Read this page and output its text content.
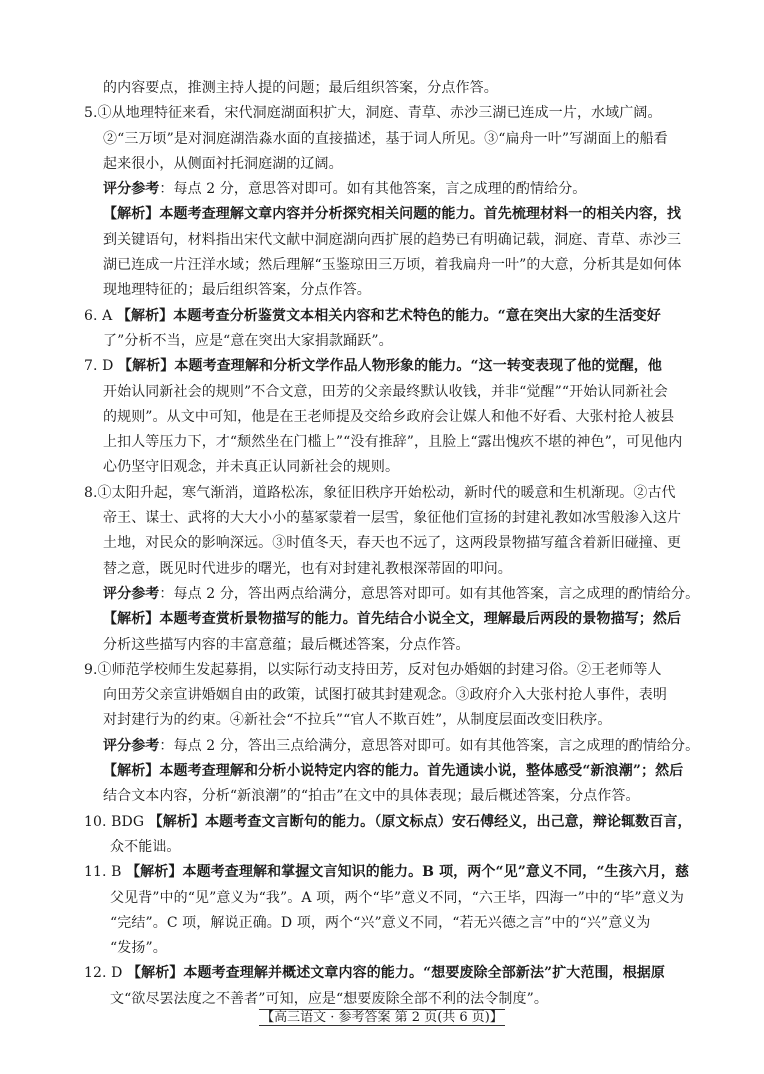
的内容要点，推测主持人提的问题；最后组织答案，分点作答。

5.①从地理特征来看，宋代洞庭湖面积扩大，洞庭、青草、赤沙三湖已连成一片，水域广阔。
②“三万顷”是对洞庭湖浩淼水面的直接描述，基于词人所见。③“扁舟一叶”写湖面上的船看
起来很小，从侧面衬托洞庭湖的辽阔。
评分参考：每点 2 分，意思答对即可。如有其他答案，言之成理的酌情给分。
【解析】本题考查理解文章内容并分析探究相关问题的能力。首先梳理材料一的相关内容，找
到关键语句，材料指出宋代文献中洞庭湖向西扩展的趋势已有明确记载，洞庭、青草、赤沙三
湖已连成一片汪洋水域；然后理解“玉鉴琼田三万顷，着我扁舟一叶”的大意，分析其是如何体
现地理特征的；最后组织答案，分点作答。
6. A 【解析】本题考查分析鉴赏文本相关内容和艺术特色的能力。“意在突出大家的生活变好
了”分析不当，应是“意在突出大家捐款踊跃”。
7. D 【解析】本题考查理解和分析文学作品人物形象的能力。“这一转变表现了他的觉醒，他
开始认同新社会的规则”不合文意，田芳的父亲最终默认收钱，并非“觉醒”“开始认同新社会
的规则”。从文中可知，他是在王老师提及交给乡政府会让媒人和他不好看、大张村抢人被县
上扣人等压力下，才“颓然坐在门槛上”“没有推辞”，且脸上“露出愧疚不堪的神色”，可见他内
心仍坚守旧观念，并未真正认同新社会的规则。
8.①太阳升起，寒气渐消，道路松冻，象征旧秩序开始松动，新时代的暖意和生机渐现。②古代
帝王、谋士、武将的大大小小的墓冢蒙着一层雪，象征他们宣扬的封建礼教如冰雪般渗入这片
土地，对民众的影响深远。③时值冬天，春天也不远了，这两段景物描写蕴含着新旧碰撞、更
替之意，既见时代进步的曙光，也有对封建礼教根深蒂固的叩问。
评分参考：每点 2 分，答出两点给满分，意思答对即可。如有其他答案，言之成理的酌情给分。
【解析】本题考查赏析景物描写的能力。首先结合小说全文，理解最后两段的景物描写；然后
分析这些描写内容的丰富意蕴；最后概述答案，分点作答。
9.①师范学校师生发起募捐，以实际行动支持田芳，反对包办婚姻的封建习俗。②王老师等人
向田芳父亲宣讲婚姻自由的政策，试图打破其封建观念。③政府介入大张村抢人事件，表明
对封建行为的约束。④新社会“不拉兵”“官人不欺百姓”，从制度层面改变旧秩序。
评分参考：每点 2 分，答出三点给满分，意思答对即可。如有其他答案，言之成理的酌情给分。
【解析】本题考查理解和分析小说特定内容的能力。首先通读小说，整体感受“新浪潮”；然后
结合文本内容，分析“新浪潮”的“拍击”在文中的具体表现；最后概述答案，分点作答。
10. BDG 【解析】本题考查文言断句的能力。（原文标点）安石傅经义，出己意，辩论辄数百言，
众不能诎。
11. B 【解析】本题考查理解和掌握文言知识的能力。B 项，两个“见”意义不同，“生孩六月，慈
父见背”中的“见”意义为“我”。A 项，两个“毕”意义不同，“六王毕，四海一”中的“毕”意义为
“完结”。C 项，解说正确。D 项，两个“兴”意义不同，“若无兴德之言”中的“兴”意义为
“发扬”。
12. D 【解析】本题考查理解并概述文章内容的能力。“想要废除全部新法”扩大范围，根据原
文“欲尽罢法度之不善者”可知，应是“想要废除全部不利的法令制度”。
【高三语文 · 参考答案 第 2 页(共 6 页)】
